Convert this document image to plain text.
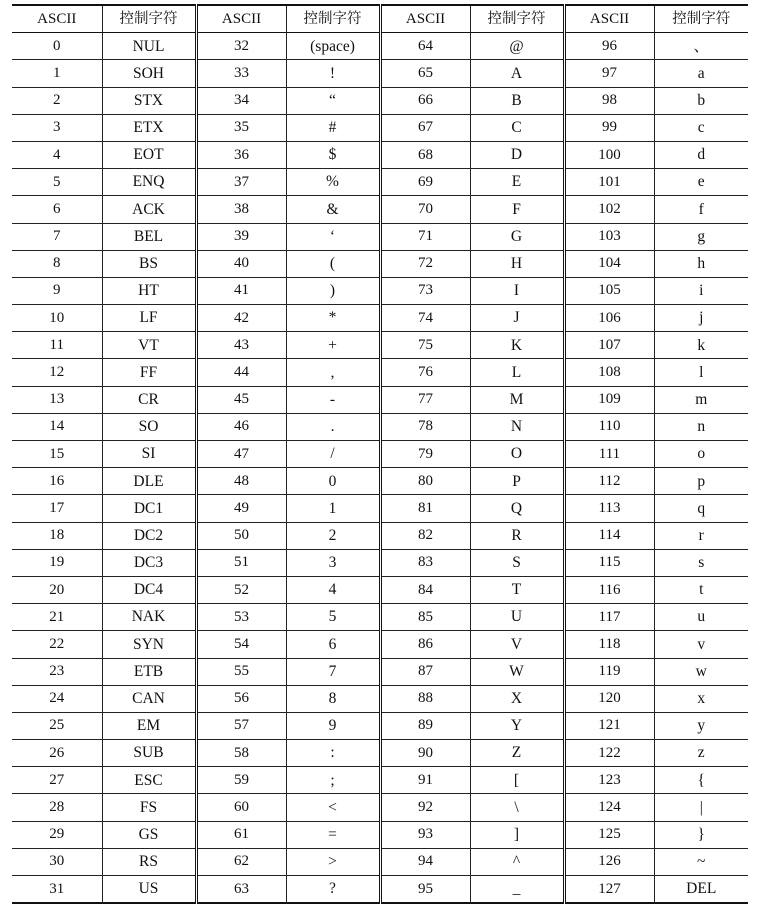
ASCII	控制字符	ASCII	控制字符	ASCII	控制字符	ASCII	控制字符
0	NUL	32	(space)	64	@	96	、
1	SOH	33	!	65	A	97	a
2	STX	34	“	66	B	98	b
3	ETX	35	#	67	C	99	c
4	EOT	36	$	68	D	100	d
5	ENQ	37	%	69	E	101	e
6	ACK	38	&	70	F	102	f
7	BEL	39	‘	71	G	103	g
8	BS	40	(	72	H	104	h
9	HT	41	)	73	I	105	i
10	LF	42	*	74	J	106	j
11	VT	43	+	75	K	107	k
12	FF	44	,	76	L	108	l
13	CR	45	-	77	M	109	m
14	SO	46	.	78	N	110	n
15	SI	47	/	79	O	111	o
16	DLE	48	0	80	P	112	p
17	DC1	49	1	81	Q	113	q
18	DC2	50	2	82	R	114	r
19	DC3	51	3	83	S	115	s
20	DC4	52	4	84	T	116	t
21	NAK	53	5	85	U	117	u
22	SYN	54	6	86	V	118	v
23	ETB	55	7	87	W	119	w
24	CAN	56	8	88	X	120	x
25	EM	57	9	89	Y	121	y
26	SUB	58	:	90	Z	122	z
27	ESC	59	;	91	[	123	{
28	FS	60	<	92	\	124	|
29	GS	61	=	93	]	125	}
30	RS	62	>	94	^	126	~
31	US	63	?	95	_	127	DEL
